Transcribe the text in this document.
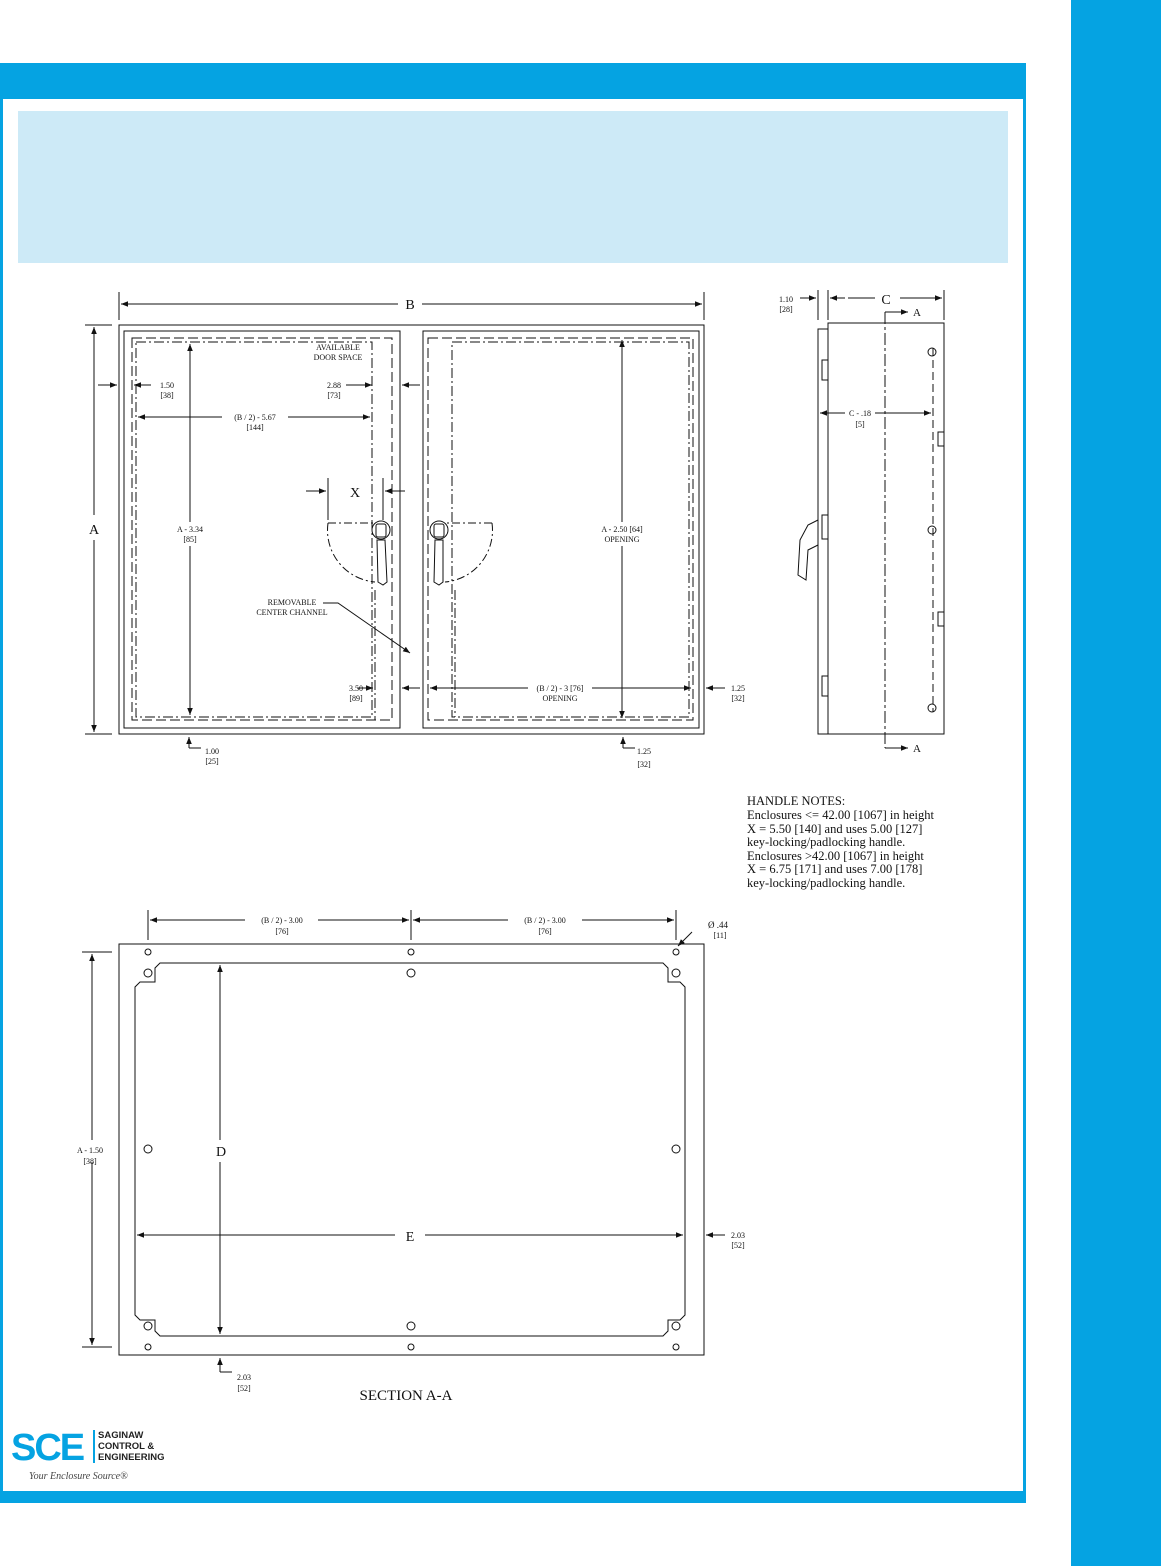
B
A
1.50
[38]
AVAILABLE
DOOR SPACE
2.88
[73]
(B / 2) - 5.67
[144]
A - 3.34
[85]
X
A - 2.50 [64]
OPENING
REMOVABLE
CENTER CHANNEL
3.50
[89]
(B / 2) - 3 [76]
OPENING
1.25
[32]
1.00
[25]
1.25
[32]
1.10
[28]
C
C - .18
[5]
A
A
(B / 2) - 3.00
[76]
(B / 2) - 3.00
[76]
Ø .44
[11]
A - 1.50
[38]
D
E	2.03
[52]
2.03
[52]	SECTION A-A
HANDLE NOTES:
Enclosures <= 42.00 [1067] in height
X = 5.50 [140] and uses 5.00 [127]
key-locking/padlocking handle.
Enclosures >42.00 [1067] in height
X = 6.75 [171] and uses 7.00 [178]
key-locking/padlocking handle.
SCE	SAGINAW
CONTROL &
ENGINEERING
Your Enclosure Source®
